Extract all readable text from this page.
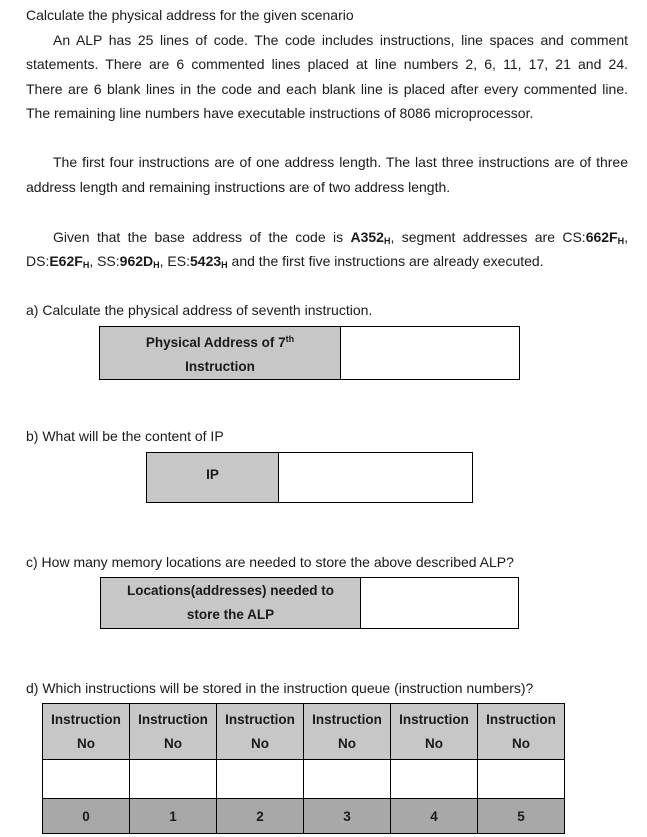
Calculate the physical address for the given scenario
An ALP has 25 lines of code. The code includes instructions, line spaces and comment
statements. There are 6 commented lines placed at line numbers 2, 6, 11, 17, 21 and 24.
There are 6 blank lines in the code and each blank line is placed after every commented line.
The remaining line numbers have executable instructions of 8086 microprocessor.
The first four instructions are of one address length. The last three instructions are of three
address length and remaining instructions are of two address length.
Given that the base address of the code is $A352_H$, segment addresses are $CS:662F_H$,
$DS:E62F_H$, $SS:962D_H$, $ES:5423_H$ and the first five instructions are already executed.
a) Calculate the physical address of seventh instruction.
Physical Address of 7th
Instruction	
b) What will be the content of IP
IP	
c) How many memory locations are needed to store the above described ALP?
Locations(addresses) needed to
store the ALP	
d) Which instructions will be stored in the instruction queue (instruction numbers)?
Instruction
No	Instruction
No	Instruction
No	Instruction
No	Instruction
No	Instruction
No

0	1	2	3	4	5
